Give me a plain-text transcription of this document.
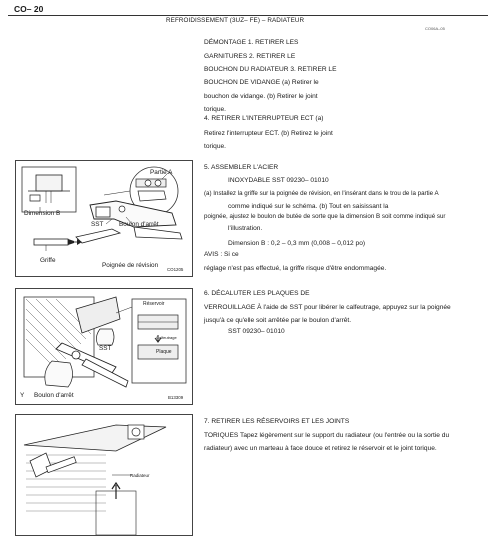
CO– 20
REFROIDISSEMENT (3UZ– FE) – RADIATEUR
CO06A–05
DÉMONTAGE 1. RETIRER LES
GARNITURES 2. RETIRER LE
BOUCHON DU RADIATEUR 3. RETIRER LE
BOUCHON DE VIDANGE (a) Retirer le
bouchon de vidange. (b) Retirer le joint
torique.
4. RETIRER L'INTERRUPTEUR ECT (a)
Retirez l'interrupteur ECT. (b) Retirez le joint
torique.
5. ASSEMBLER L'ACIER
INOXYDABLE SST 09230– 01010
(a) Installez la griffe sur la poignée de révision, en l'insérant dans le trou de la partie A
comme indiqué sur le schéma. (b) Tout en saisissant la
poignée, ajustez le boulon de butée de sorte que la dimension B soit comme indiqué sur
l'illustration.
Dimension B : 0,2 – 0,3 mm (0,008 – 0,012 po)
AVIS : Si ce
réglage n'est pas effectué, la griffe risque d'être endommagée.
6. DÉCALUTER LES PLAQUES DE
VERROUILLAGE À l'aide de SST pour libérer le calfeutrage, appuyez sur la poignée
jusqu'à ce qu'elle soit arrêtée par le boulon d'arrêt.
SST 09230– 01010
7. RETIRER LES RÉSERVOIRS ET LES JOINTS
TORIQUES Tapez légèrement sur le support du radiateur (ou l'entrée ou la sortie du
radiateur) avec un marteau à face douce et retirez le réservoir et le joint torique.
Partie A
Dimension B
SST Boulon d'arrêt
Griffe
Poignée de révision
CO1205
Réservoir
Calfeutrage
Plaque
SST
Boulon d'arrêt
Y	B13309
Radiateur
